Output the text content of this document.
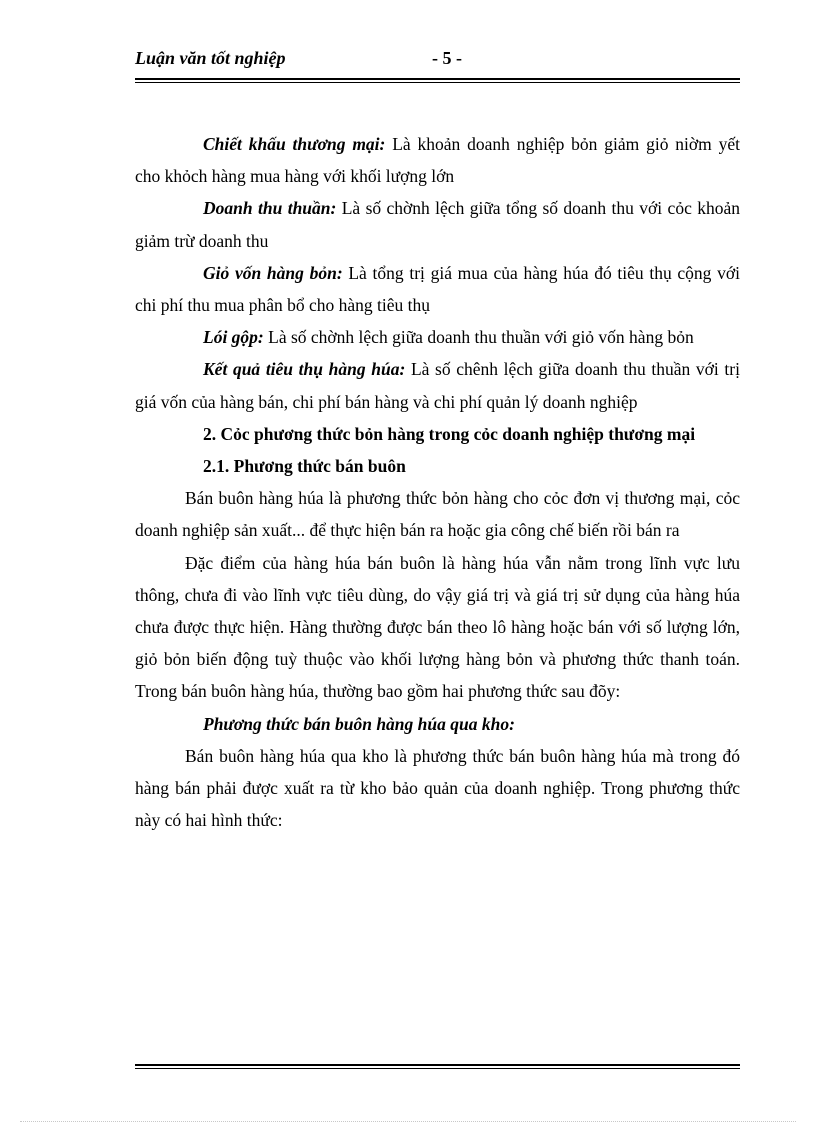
Luận văn tốt nghiệp	- 5 -

Chiết khấu thương mại: Là khoản doanh nghiệp bỏn giảm giỏ niờm yết cho khỏch hàng mua hàng với khối lượng lớn

Doanh thu thuần: Là số chờnh lệch giữa tổng số doanh thu với cỏc khoản giảm trừ doanh thu

Giỏ vốn hàng bỏn: Là tổng trị giá mua của hàng húa đó tiêu thụ cộng với chi phí thu mua phân bổ cho hàng tiêu thụ

Lói gộp: Là số chờnh lệch giữa doanh thu thuần với giỏ vốn hàng bỏn

Kết quả tiêu thụ hàng húa: Là số chênh lệch giữa doanh thu thuần với trị giá vốn của hàng bán, chi phí bán hàng và chi phí quản lý doanh nghiệp

2. Cỏc phương thức bỏn hàng trong cỏc doanh nghiệp thương mại

2.1. Phương thức bán buôn

Bán buôn hàng húa là phương thức bỏn hàng cho cỏc đơn vị thương mại, cỏc doanh nghiệp sản xuất... để thực hiện bán ra hoặc gia công chế biến rồi bán ra

Đặc điểm của hàng húa bán buôn là hàng húa vẫn nằm trong lĩnh vực lưu thông, chưa đi vào lĩnh vực tiêu dùng, do vậy giá trị và giá trị sử dụng của hàng húa chưa được thực hiện. Hàng thường được bán theo lô hàng hoặc bán với số lượng lớn, giỏ bỏn biến động tuỳ thuộc vào khối lượng hàng bỏn và phương thức thanh toán. Trong bán buôn hàng húa, thường bao gồm hai phương thức sau đõy:

Phương thức bán buôn hàng húa qua kho:

Bán buôn hàng húa qua kho là phương thức bán buôn hàng húa mà trong đó hàng bán phải được xuất ra từ kho bảo quản của doanh nghiệp. Trong phương thức này có hai hình thức:
